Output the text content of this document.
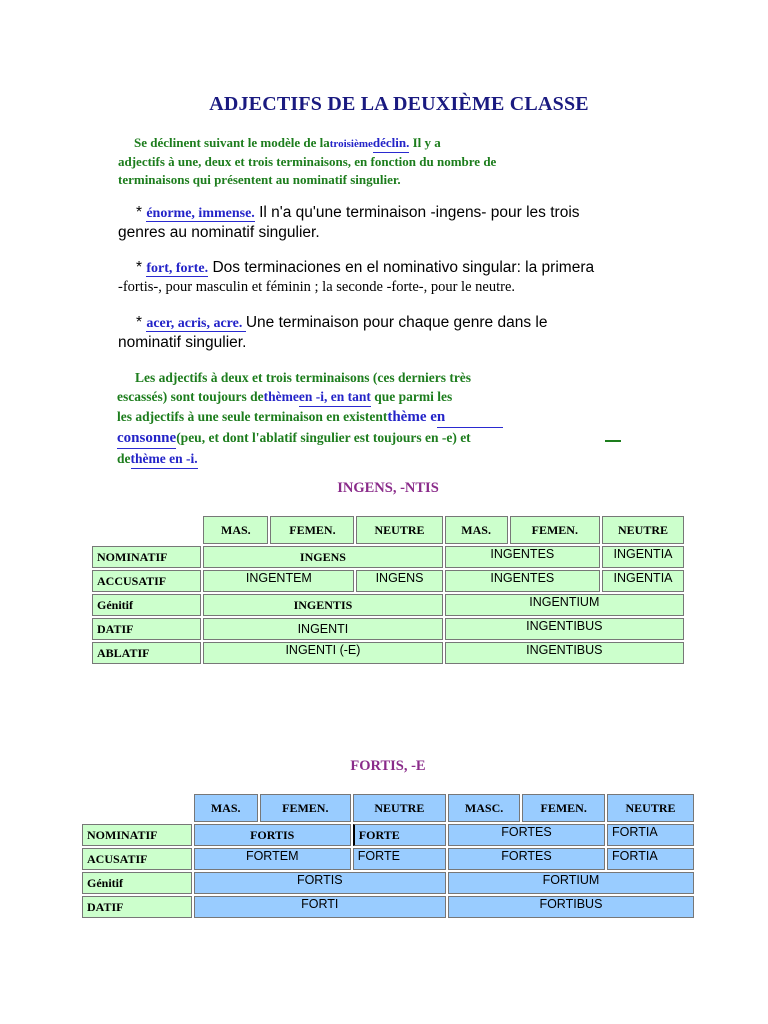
ADJECTIFS DE LA DEUXIÈME CLASSE
Se déclinent suivant le modèle de latroisièmedéclin. Il y a
adjectifs à une, deux et trois terminaisons, en fonction du nombre de
terminaisons qui présentent au nominatif singulier.
* énorme, immense. Il n'a qu'une terminaison -ingens- pour les trois
genres au nominatif singulier.
* fort, forte. Dos terminaciones en el nominativo singular: la primera
-fortis-, pour masculin et féminin ; la seconde -forte-, pour le neutre.
* acer, acris, acre. Une terminaison pour chaque genre dans le
nominatif singulier.
Les adjectifs à deux et trois terminaisons (ces derniers très
escassés) sont toujours dethèmeen -i, en tant que parmi les
les adjectifs à une seule terminaison en existentthème en
consonne(peu, et dont l'ablatif singulier est toujours en -e) et
dethème en -i.
INGENS, -NTIS
	MAS.	FEMEN.	NEUTRE	MAS.	FEMEN.	NEUTRE
NOMINATIF	INGENS			INGENTES		INGENTIA
ACCUSATIF	INGENTEM		INGENS	INGENTES		INGENTIA
Génitif	INGENTIS			INGENTIUM		
DATIF	INGENTI			INGENTIBUS		
ABLATIF	INGENTI (-E)			INGENTIBUS		
FORTIS, -E
	MAS.	FEMEN.	NEUTRE	MASC.	FEMEN.	NEUTRE
NOMINATIF	FORTIS		FORTE	FORTES		FORTIA
ACUSATIF	FORTEM		FORTE	FORTES		FORTIA
Génitif	FORTIS			FORTIUM		
DATIF	FORTI			FORTIBUS		
